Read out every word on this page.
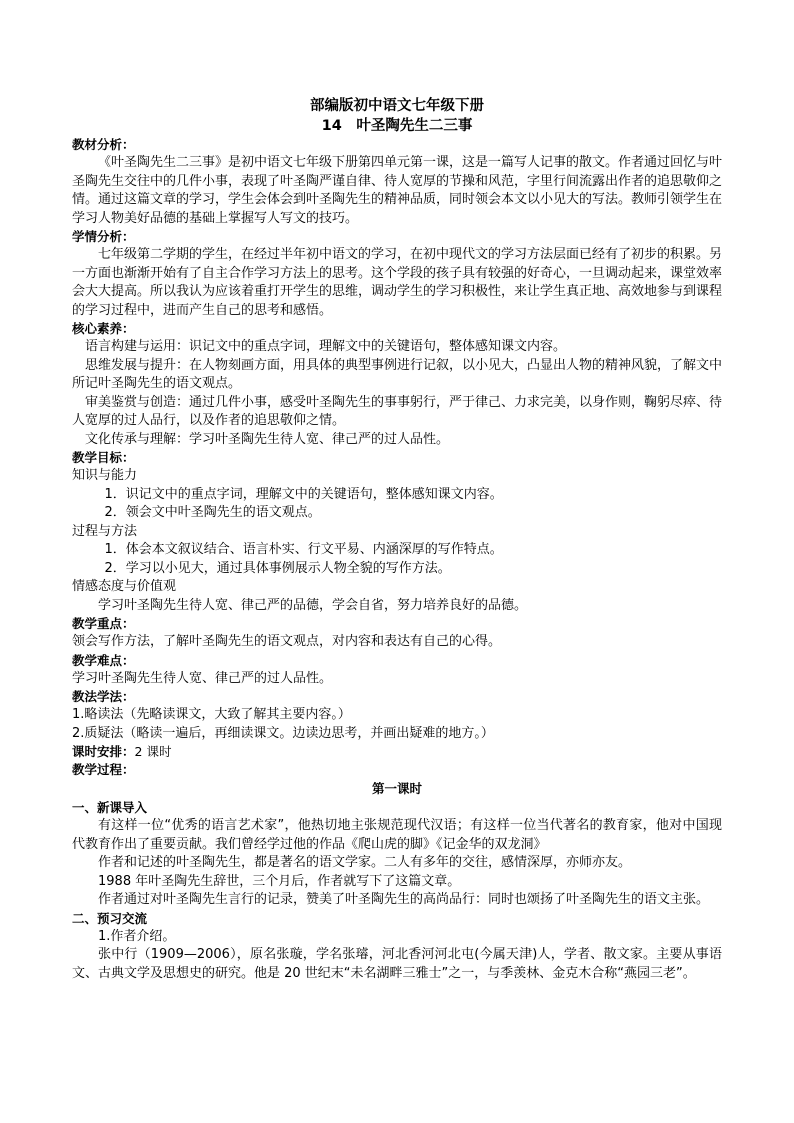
部编版初中语文七年级下册

14　叶圣陶先生二三事

教材分析：

《叶圣陶先生二三事》是初中语文七年级下册第四单元第一课，这是一篇写人记事的散文。作者通过回忆与叶圣陶先生交往中的几件小事，表现了叶圣陶严谨自律、待人宽厚的节操和风范，字里行间流露出作者的追思敬仰之情。通过这篇文章的学习，学生会体会到叶圣陶先生的精神品质，同时领会本文以小见大的写法。教师引领学生在学习人物美好品德的基础上掌握写人写文的技巧。

学情分析：

七年级第二学期的学生，在经过半年初中语文的学习，在初中现代文的学习方法层面已经有了初步的积累。另一方面也渐渐开始有了自主合作学习方法上的思考。这个学段的孩子具有较强的好奇心，一旦调动起来，课堂效率会大大提高。所以我认为应该着重打开学生的思维，调动学生的学习积极性，来让学生真正地、高效地参与到课程的学习过程中，进而产生自己的思考和感悟。

核心素养：

语言构建与运用：识记文中的重点字词，理解文中的关键语句，整体感知课文内容。

思维发展与提升：在人物刻画方面，用具体的典型事例进行记叙，以小见大，凸显出人物的精神风貌，了解文中所记叶圣陶先生的语文观点。

审美鉴赏与创造：通过几件小事，感受叶圣陶先生的事事躬行，严于律己、力求完美，以身作则，鞠躬尽瘁、待人宽厚的过人品行，以及作者的追思敬仰之情。

文化传承与理解：学习叶圣陶先生待人宽、律己严的过人品性。

教学目标：

知识与能力

1．识记文中的重点字词，理解文中的关键语句，整体感知课文内容。

2．领会文中叶圣陶先生的语文观点。

过程与方法

1．体会本文叙议结合、语言朴实、行文平易、内涵深厚的写作特点。

2．学习以小见大，通过具体事例展示人物全貌的写作方法。

情感态度与价值观

学习叶圣陶先生待人宽、律己严的品德，学会自省，努力培养良好的品德。

教学重点：

领会写作方法，了解叶圣陶先生的语文观点，对内容和表达有自己的心得。

教学难点：

学习叶圣陶先生待人宽、律己严的过人品性。

教法学法：

1.略读法（先略读课文，大致了解其主要内容。）

2.质疑法（略读一遍后，再细读课文。边读边思考，并画出疑难的地方。）

课时安排：2 课时

教学过程：

第一课时

一、新课导入

有这样一位“优秀的语言艺术家”，他热切地主张规范现代汉语；有这样一位当代著名的教育家，他对中国现代教育作出了重要贡献。我们曾经学过他的作品《爬山虎的脚》《记金华的双龙洞》

作者和记述的叶圣陶先生，都是著名的语文学家。二人有多年的交往，感情深厚，亦师亦友。

1988 年叶圣陶先生辞世，三个月后，作者就写下了这篇文章。

作者通过对叶圣陶先生言行的记录，赞美了叶圣陶先生的高尚品行：同时也颂扬了叶圣陶先生的语文主张。

二、预习交流

1.作者介绍。

张中行（1909—2006），原名张璇，学名张璿，河北香河河北屯(今属天津)人，学者、散文家。主要从事语文、古典文学及思想史的研究。他是 20 世纪末“未名湖畔三雅士”之一，与季羡林、金克木合称“燕园三老”。
